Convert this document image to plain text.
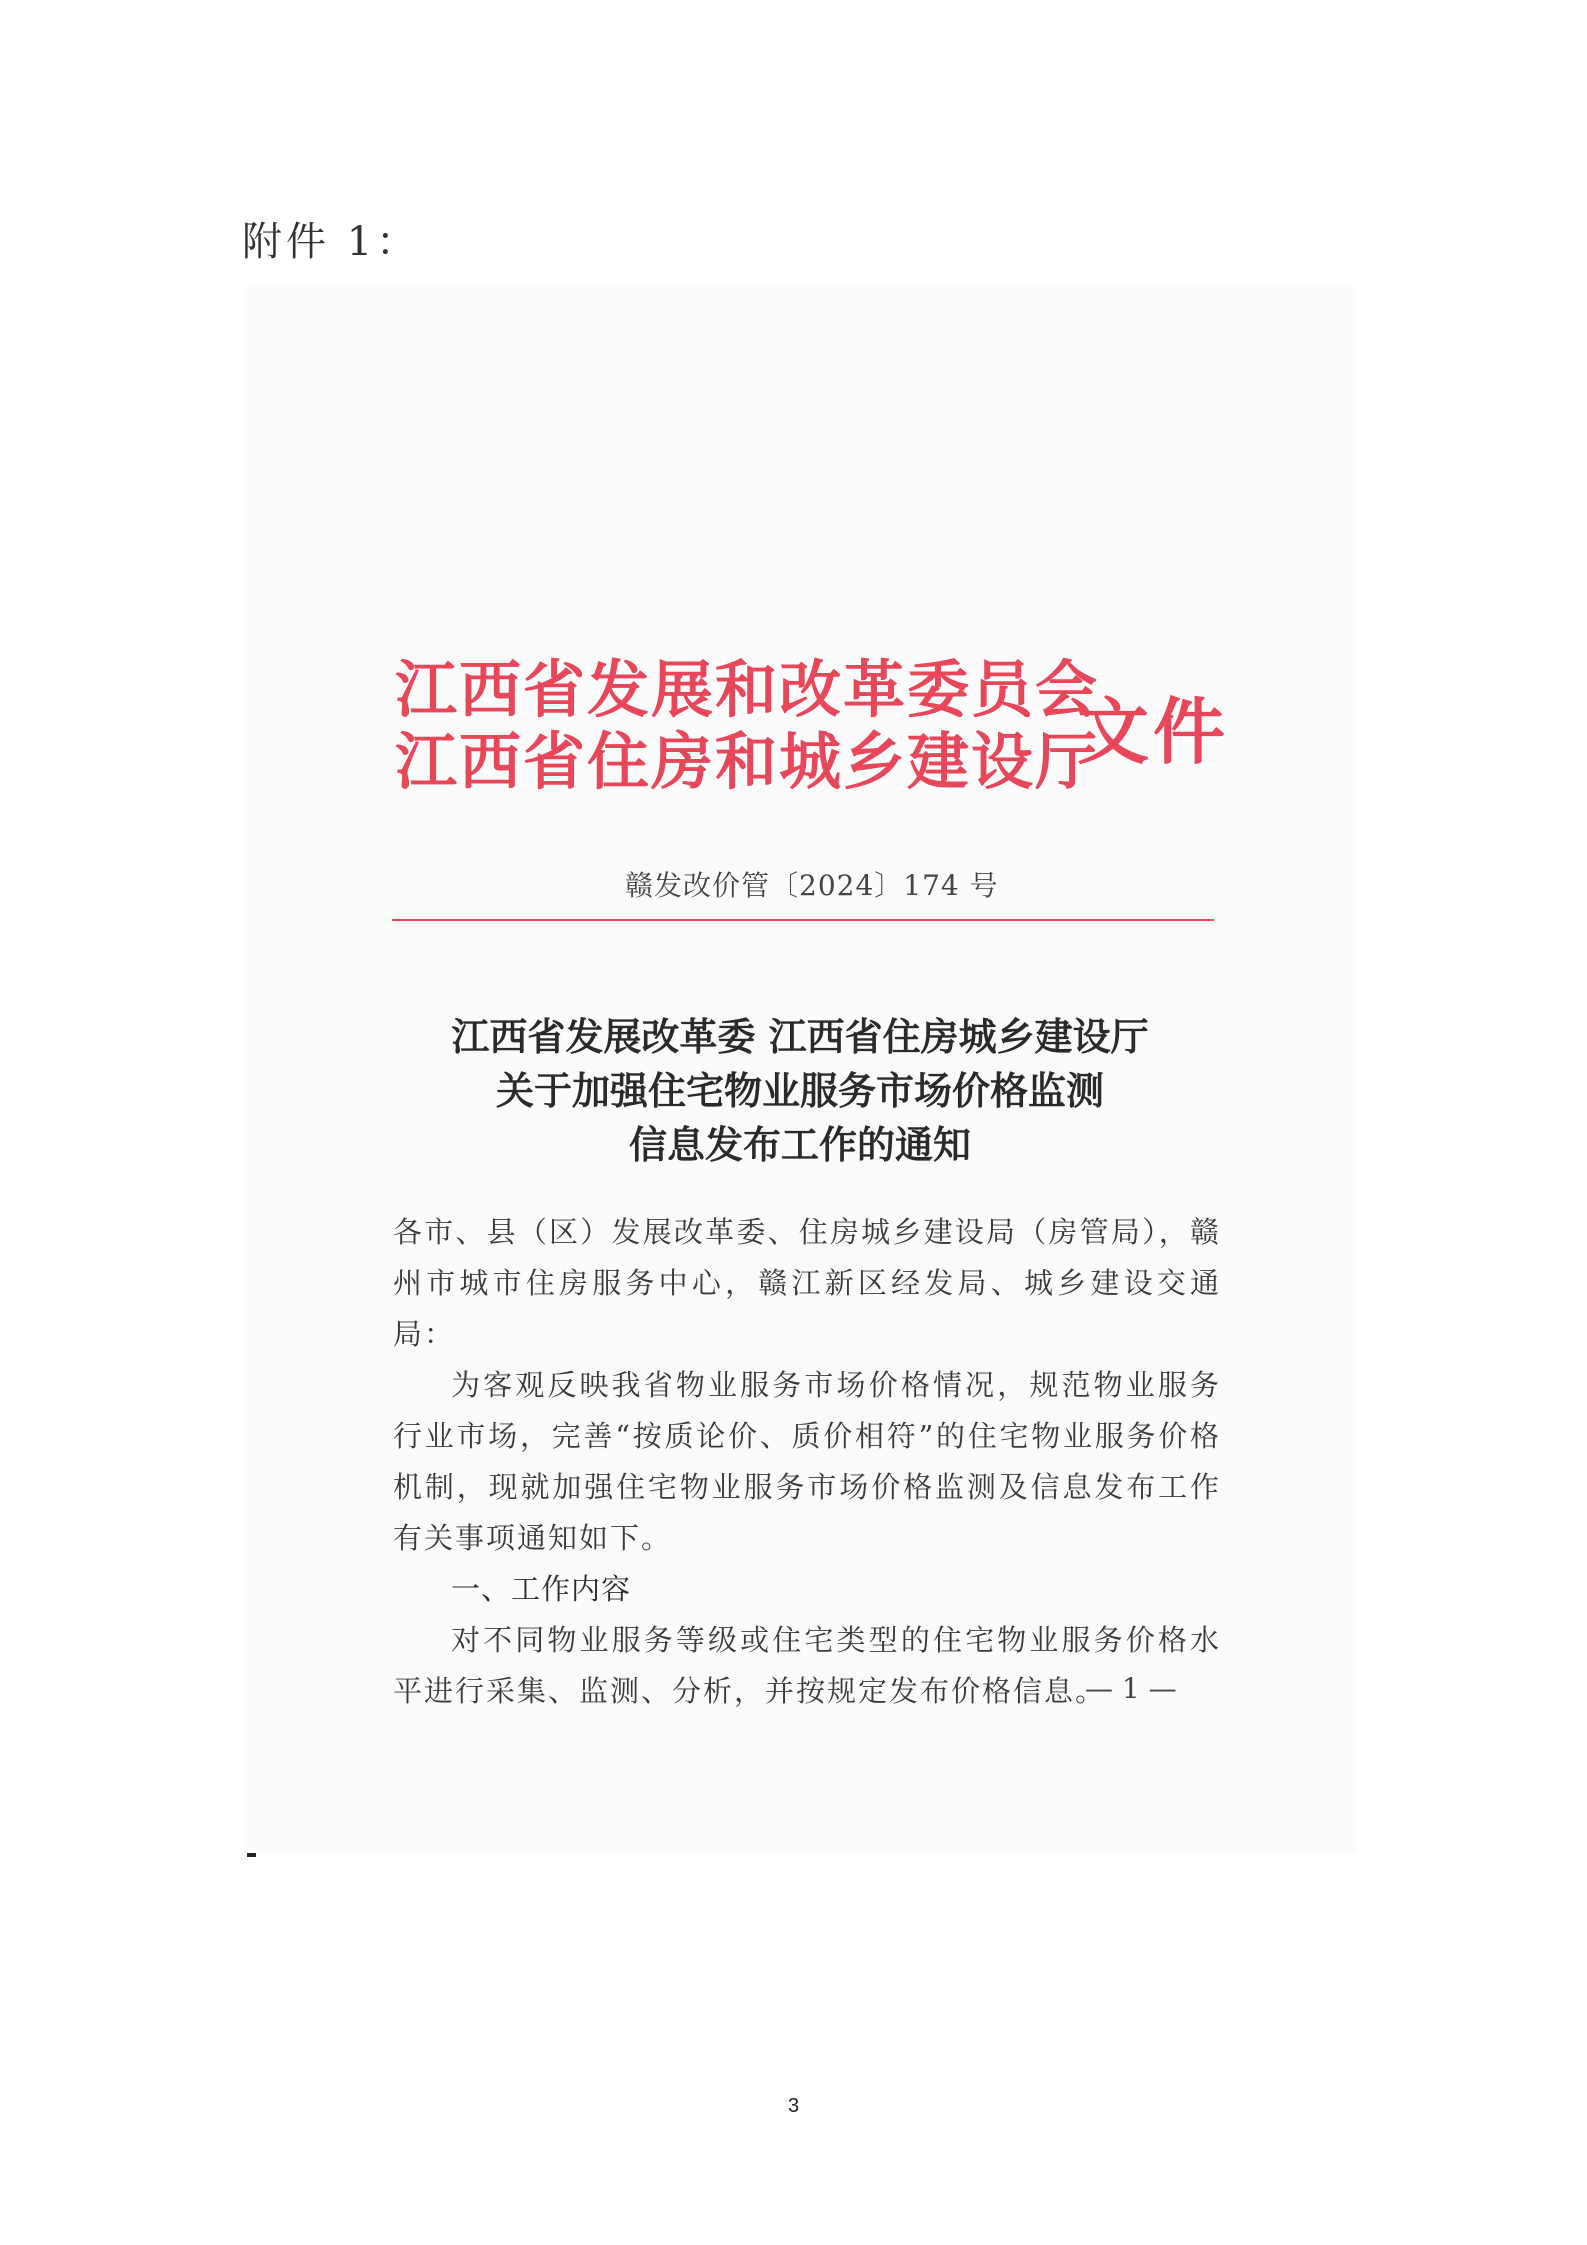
附件 1：
江西省发展和改革委员会
江西省住房和城乡建设厅
文件
赣发改价管〔2024〕174 号
江西省发展改革委 江西省住房城乡建设厅
关于加强住宅物业服务市场价格监测
信息发布工作的通知

各市、县（区）发展改革委、住房城乡建设局（房管局），赣州市城市住房服务中心，赣江新区经发局、城乡建设交通局：

为客观反映我省物业服务市场价格情况，规范物业服务行业市场，完善“按质论价、质价相符”的住宅物业服务价格机制，现就加强住宅物业服务市场价格监测及信息发布工作有关事项通知如下。

一、工作内容

对不同物业服务等级或住宅类型的住宅物业服务价格水平进行采集、监测、分析，并按规定发布价格信息。

— 1 —
3
